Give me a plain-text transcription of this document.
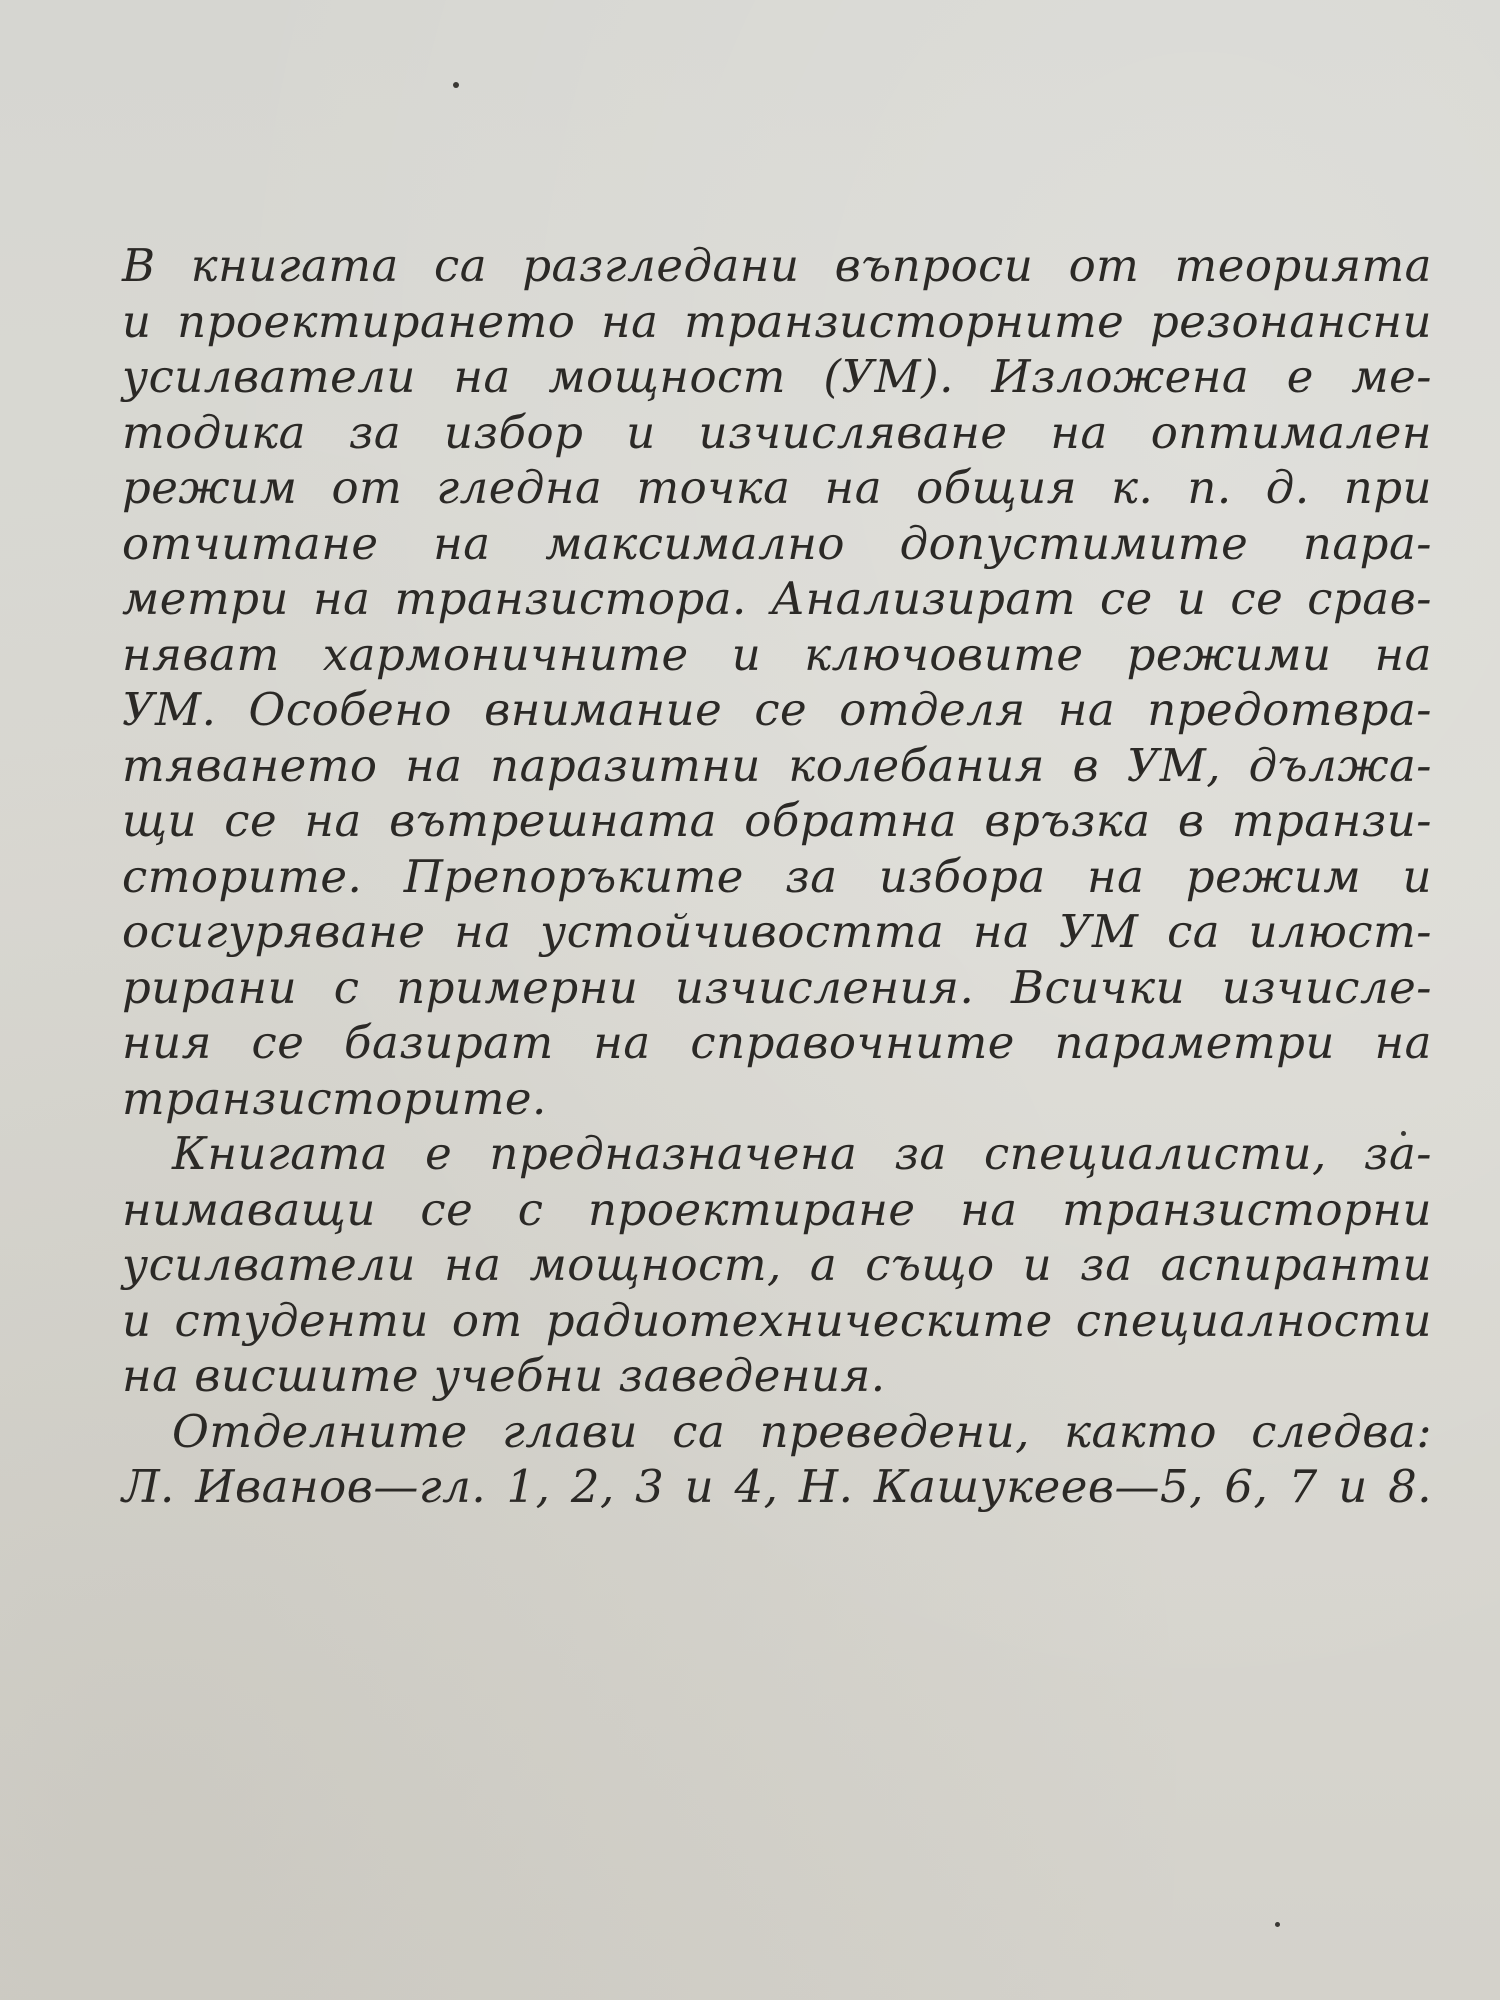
В книгата са разгледани въпроси от теорията
и проектирането на транзисторните резонансни
усилватели на мощност (УМ). Изложена е ме-
тодика за избор и изчисляване на оптимален
режим от гледна точка на общия к. п. д. при
отчитане на максимално допустимите пара-
метри на транзистора. Анализират се и се срав-
няват хармоничните и ключовите режими на
УМ. Особено внимание се отделя на предотвра-
тяването на паразитни колебания в УМ, дължа-
щи се на вътрешната обратна връзка в транзи-
сторите. Препоръките за избора на режим и
осигуряване на устойчивостта на УМ са илюст-
рирани с примерни изчисления. Всички изчисле-
ния се базират на справочните параметри на
транзисторите.
Книгата е предназначена за специалисти, за-
нимаващи се с проектиране на транзисторни
усилватели на мощност, а също и за аспиранти
и студенти от радиотехническите специалности
на висшите учебни заведения.
Отделните глави са преведени, както следва:
Л. Иванов—гл. 1, 2, 3 и 4, Н. Кашукеев—5, 6, 7 и 8.
